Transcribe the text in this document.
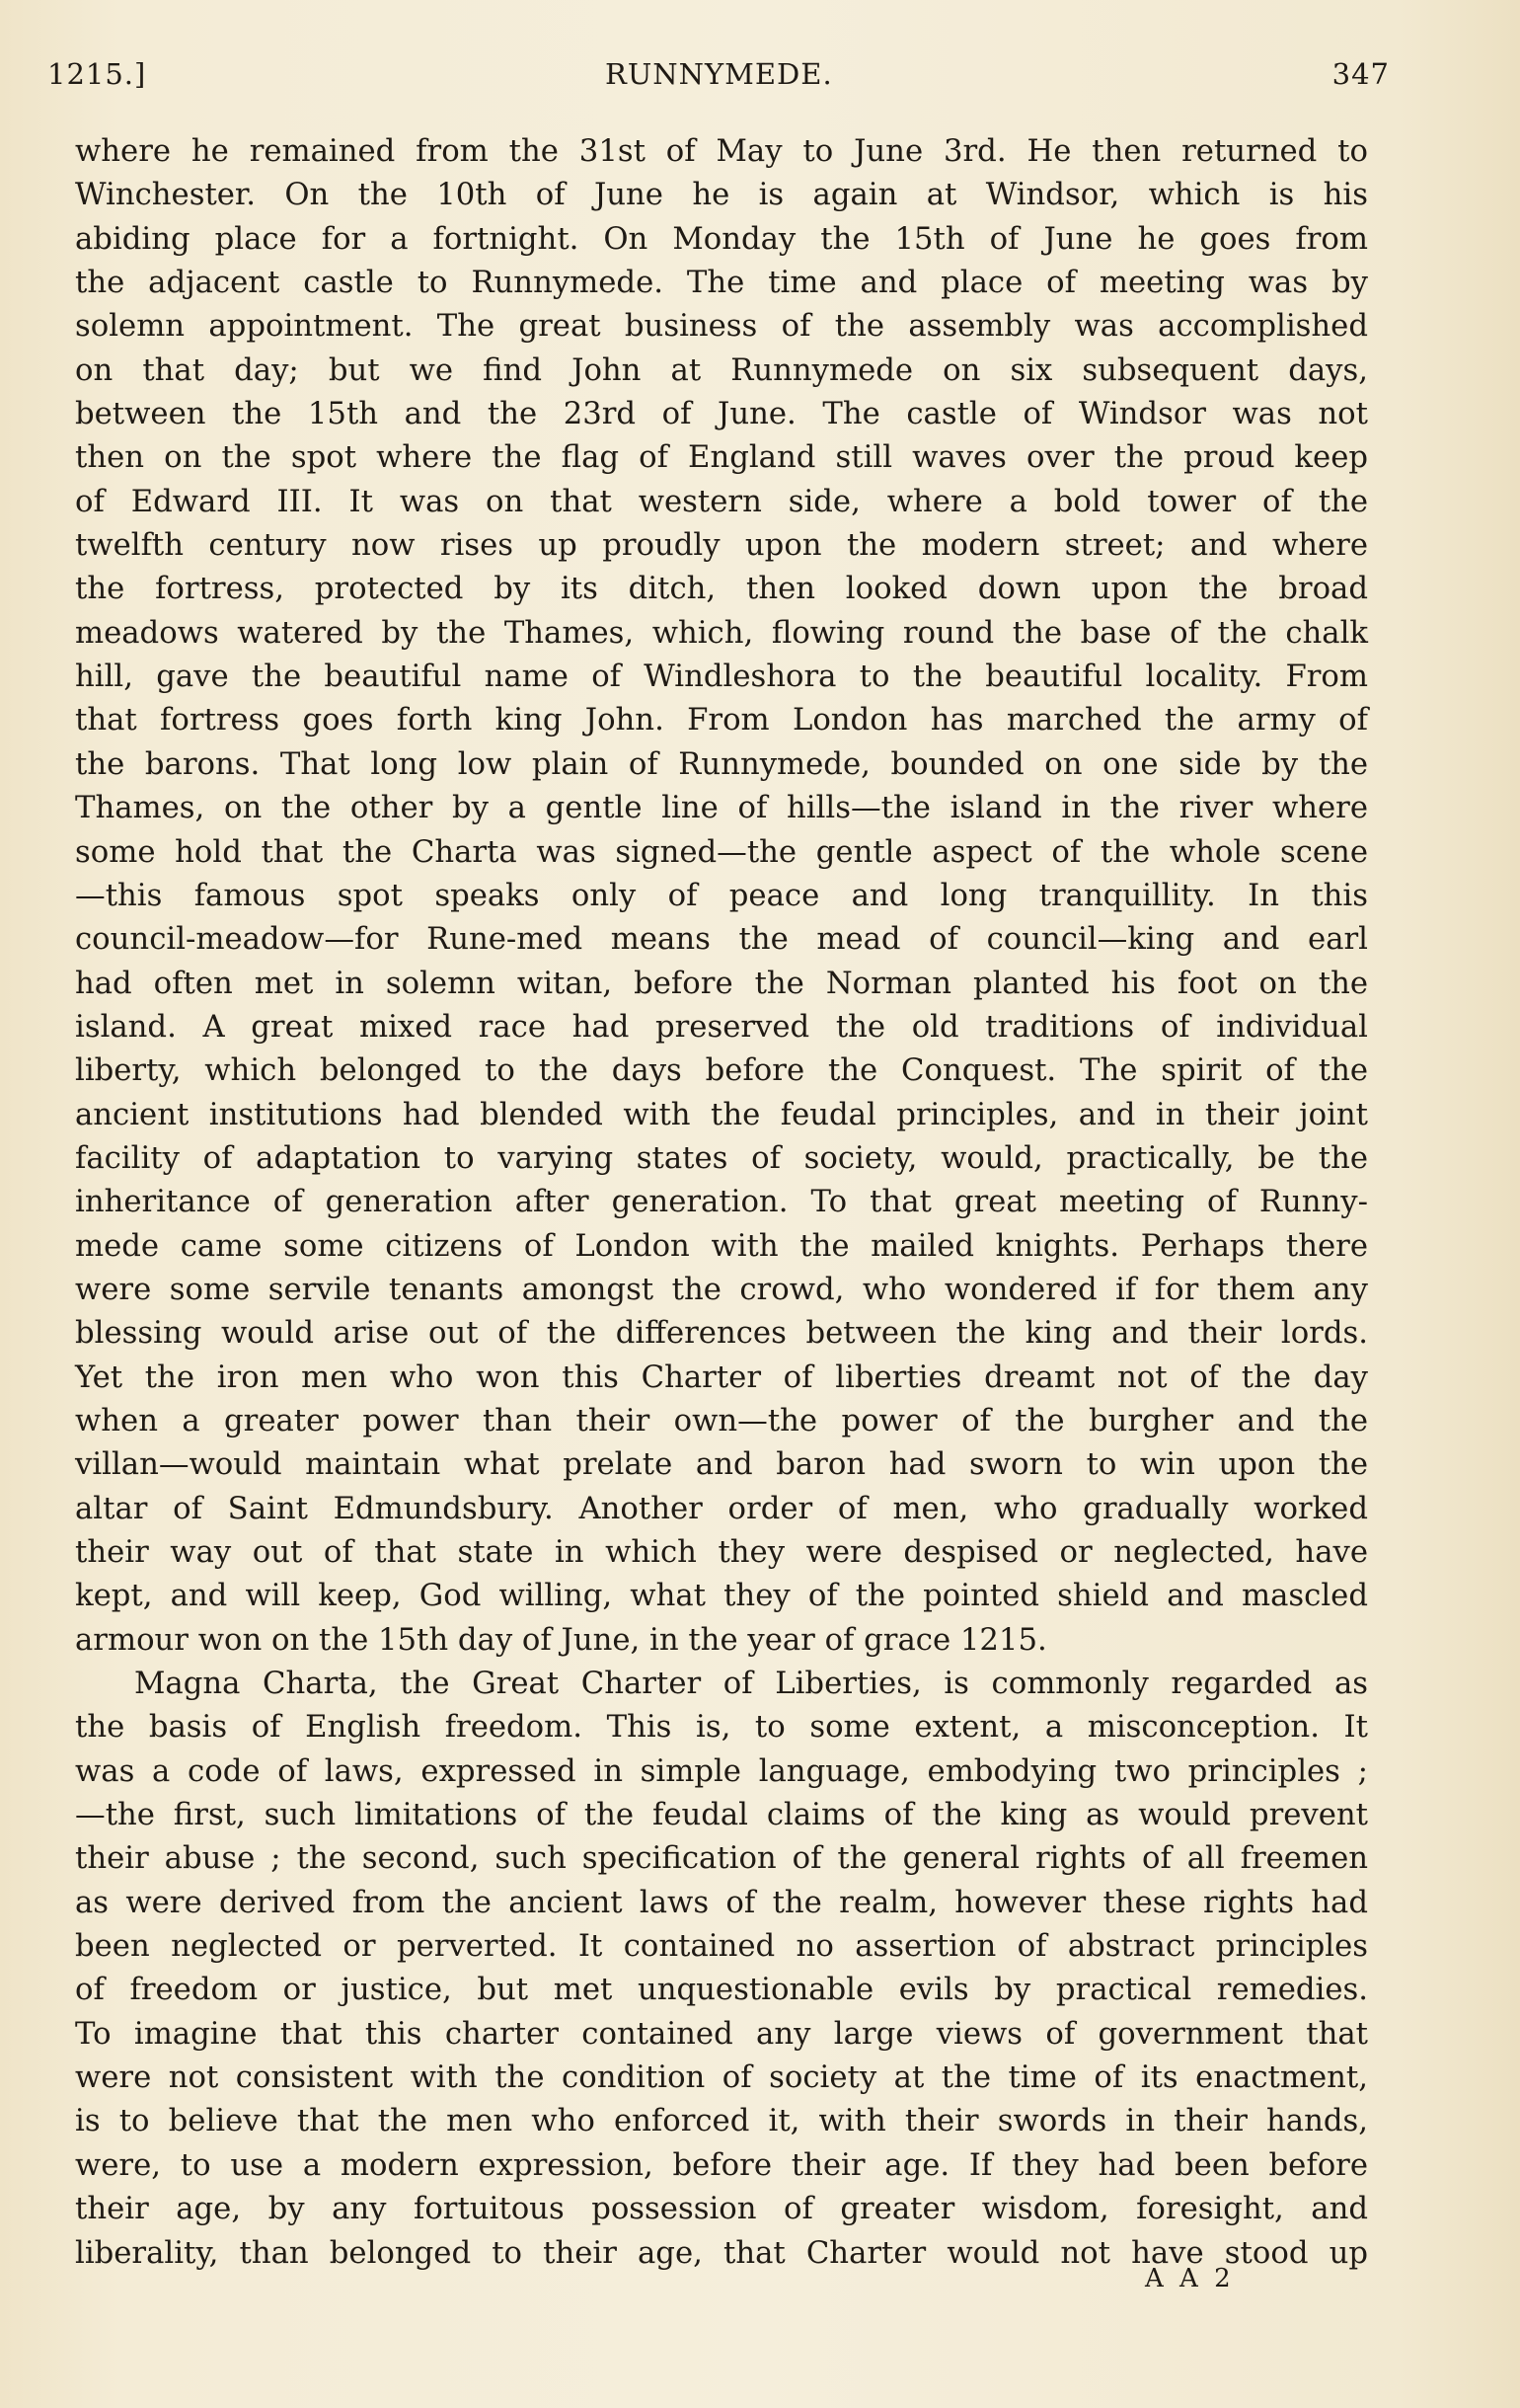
1215.]	RUNNYMEDE.	347
where he remained from the 31st of May to June 3rd. He then returned to
Winchester. On the 10th of June he is again at Windsor, which is his
abiding place for a fortnight. On Monday the 15th of June he goes from
the adjacent castle to Runnymede. The time and place of meeting was by
solemn appointment. The great business of the assembly was accomplished
on that day; but we find John at Runnymede on six subsequent days,
between the 15th and the 23rd of June. The castle of Windsor was not
then on the spot where the flag of England still waves over the proud keep
of Edward III. It was on that western side, where a bold tower of the
twelfth century now rises up proudly upon the modern street; and where
the fortress, protected by its ditch, then looked down upon the broad
meadows watered by the Thames, which, flowing round the base of the chalk
hill, gave the beautiful name of Windleshora to the beautiful locality. From
that fortress goes forth king John. From London has marched the army of
the barons. That long low plain of Runnymede, bounded on one side by the
Thames, on the other by a gentle line of hills—the island in the river where
some hold that the Charta was signed—the gentle aspect of the whole scene
—this famous spot speaks only of peace and long tranquillity. In this
council-meadow—for Rune-med means the mead of council—king and earl
had often met in solemn witan, before the Norman planted his foot on the
island. A great mixed race had preserved the old traditions of individual
liberty, which belonged to the days before the Conquest. The spirit of the
ancient institutions had blended with the feudal principles, and in their joint
facility of adaptation to varying states of society, would, practically, be the
inheritance of generation after generation. To that great meeting of Runny-
mede came some citizens of London with the mailed knights. Perhaps there
were some servile tenants amongst the crowd, who wondered if for them any
blessing would arise out of the differences between the king and their lords.
Yet the iron men who won this Charter of liberties dreamt not of the day
when a greater power than their own—the power of the burgher and the
villan—would maintain what prelate and baron had sworn to win upon the
altar of Saint Edmundsbury. Another order of men, who gradually worked
their way out of that state in which they were despised or neglected, have
kept, and will keep, God willing, what they of the pointed shield and mascled
armour won on the 15th day of June, in the year of grace 1215.
Magna Charta, the Great Charter of Liberties, is commonly regarded as
the basis of English freedom. This is, to some extent, a misconception. It
was a code of laws, expressed in simple language, embodying two principles ;
—the first, such limitations of the feudal claims of the king as would prevent
their abuse ; the second, such specification of the general rights of all freemen
as were derived from the ancient laws of the realm, however these rights had
been neglected or perverted. It contained no assertion of abstract principles
of freedom or justice, but met unquestionable evils by practical remedies.
To imagine that this charter contained any large views of government that
were not consistent with the condition of society at the time of its enactment,
is to believe that the men who enforced it, with their swords in their hands,
were, to use a modern expression, before their age. If they had been before
their age, by any fortuitous possession of greater wisdom, foresight, and
liberality, than belonged to their age, that Charter would not have stood up
A A 2
